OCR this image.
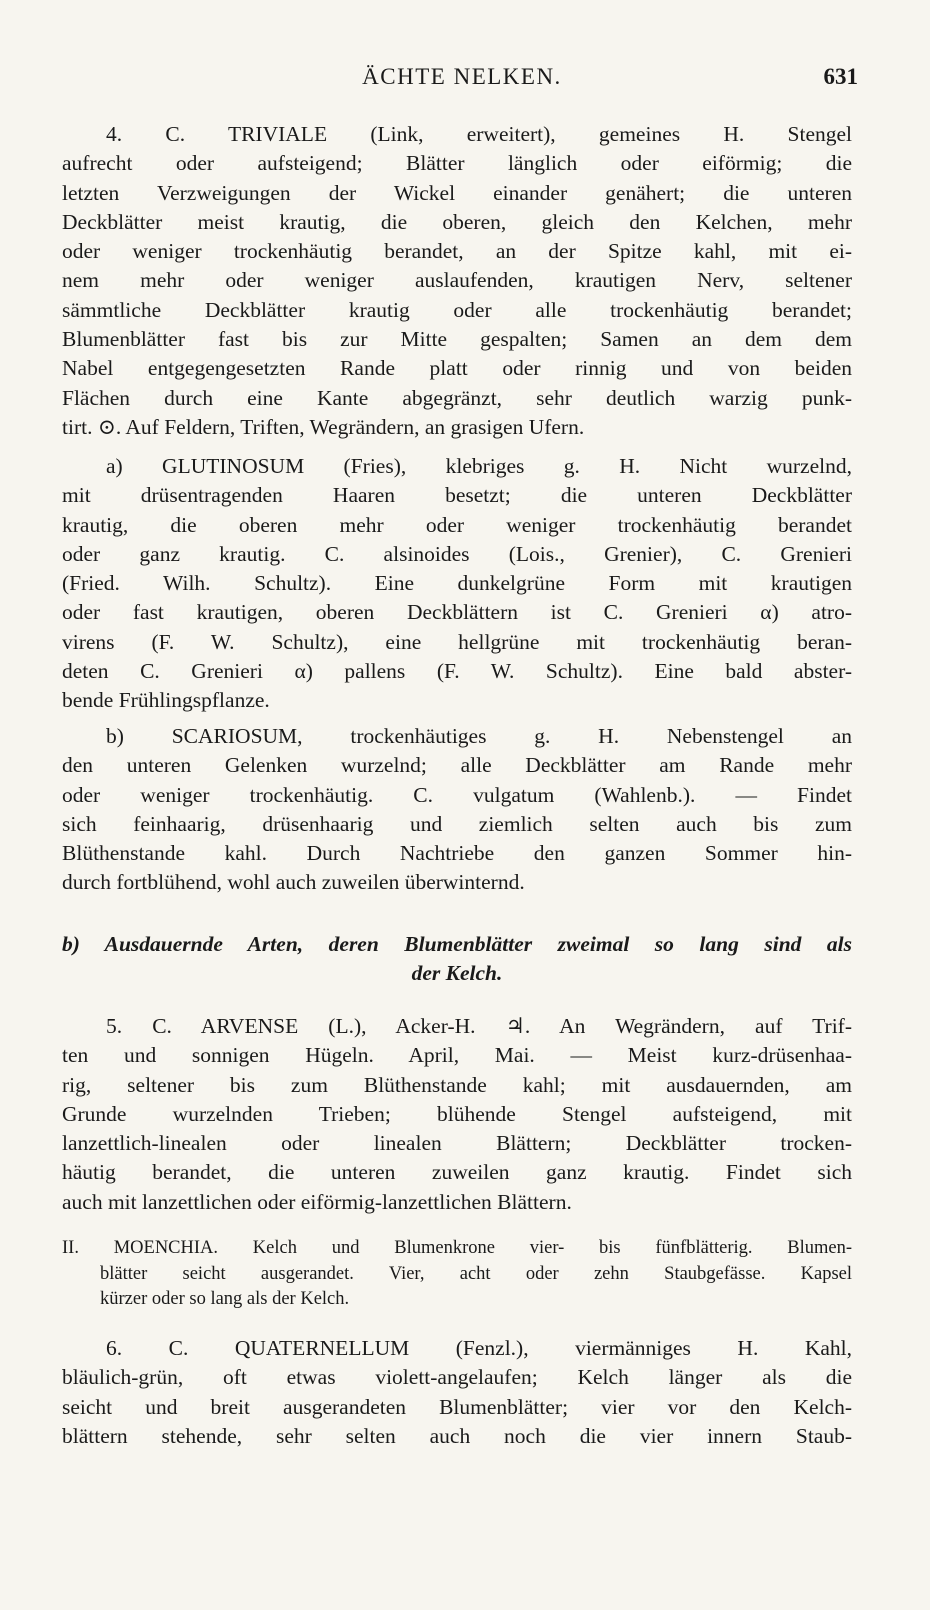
ÄCHTE NELKEN.	631
4. C. TRIVIALE (Link, erweitert), gemeines H. Stengel
aufrecht oder aufsteigend; Blätter länglich oder eiförmig; die
letzten Verzweigungen der Wickel einander genähert; die unteren
Deckblätter meist krautig, die oberen, gleich den Kelchen, mehr
oder weniger trockenhäutig berandet, an der Spitze kahl, mit ei-
nem mehr oder weniger auslaufenden, krautigen Nerv, seltener
sämmtliche Deckblätter krautig oder alle trockenhäutig berandet;
Blumenblätter fast bis zur Mitte gespalten; Samen an dem dem
Nabel entgegengesetzten Rande platt oder rinnig und von beiden
Flächen durch eine Kante abgegränzt, sehr deutlich warzig punk-
tirt. ⊙. Auf Feldern, Triften, Wegrändern, an grasigen Ufern.
a) GLUTINOSUM (Fries), klebriges g. H. Nicht wurzelnd,
mit drüsentragenden Haaren besetzt; die unteren Deckblätter
krautig, die oberen mehr oder weniger trockenhäutig berandet
oder ganz krautig. C. alsinoides (Lois., Grenier), C. Grenieri
(Fried. Wilh. Schultz). Eine dunkelgrüne Form mit krautigen
oder fast krautigen, oberen Deckblättern ist C. Grenieri α) atro-
virens (F. W. Schultz), eine hellgrüne mit trockenhäutig beran-
deten C. Grenieri α) pallens (F. W. Schultz). Eine bald abster-
bende Frühlingspflanze.
b) SCARIOSUM, trockenhäutiges g. H. Nebenstengel an
den unteren Gelenken wurzelnd; alle Deckblätter am Rande mehr
oder weniger trockenhäutig. C. vulgatum (Wahlenb.). — Findet
sich feinhaarig, drüsenhaarig und ziemlich selten auch bis zum
Blüthenstande kahl. Durch Nachtriebe den ganzen Sommer hin-
durch fortblühend, wohl auch zuweilen überwinternd.
b) Ausdauernde Arten, deren Blumenblätter zweimal so lang sind als
der Kelch.
5. C. ARVENSE (L.), Acker-H. ♃. An Wegrändern, auf Trif-
ten und sonnigen Hügeln. April, Mai. — Meist kurz-drüsenhaa-
rig, seltener bis zum Blüthenstande kahl; mit ausdauernden, am
Grunde wurzelnden Trieben; blühende Stengel aufsteigend, mit
lanzettlich-linealen oder linealen Blättern; Deckblätter trocken-
häutig berandet, die unteren zuweilen ganz krautig. Findet sich
auch mit lanzettlichen oder eiförmig-lanzettlichen Blättern.
II. MOENCHIA. Kelch und Blumenkrone vier- bis fünfblätterig. Blumen-
blätter seicht ausgerandet. Vier, acht oder zehn Staubgefässe. Kapsel
kürzer oder so lang als der Kelch.
6. C. QUATERNELLUM (Fenzl.), viermänniges H. Kahl,
bläulich-grün, oft etwas violett-angelaufen; Kelch länger als die
seicht und breit ausgerandeten Blumenblätter; vier vor den Kelch-
blättern stehende, sehr selten auch noch die vier innern Staub-
